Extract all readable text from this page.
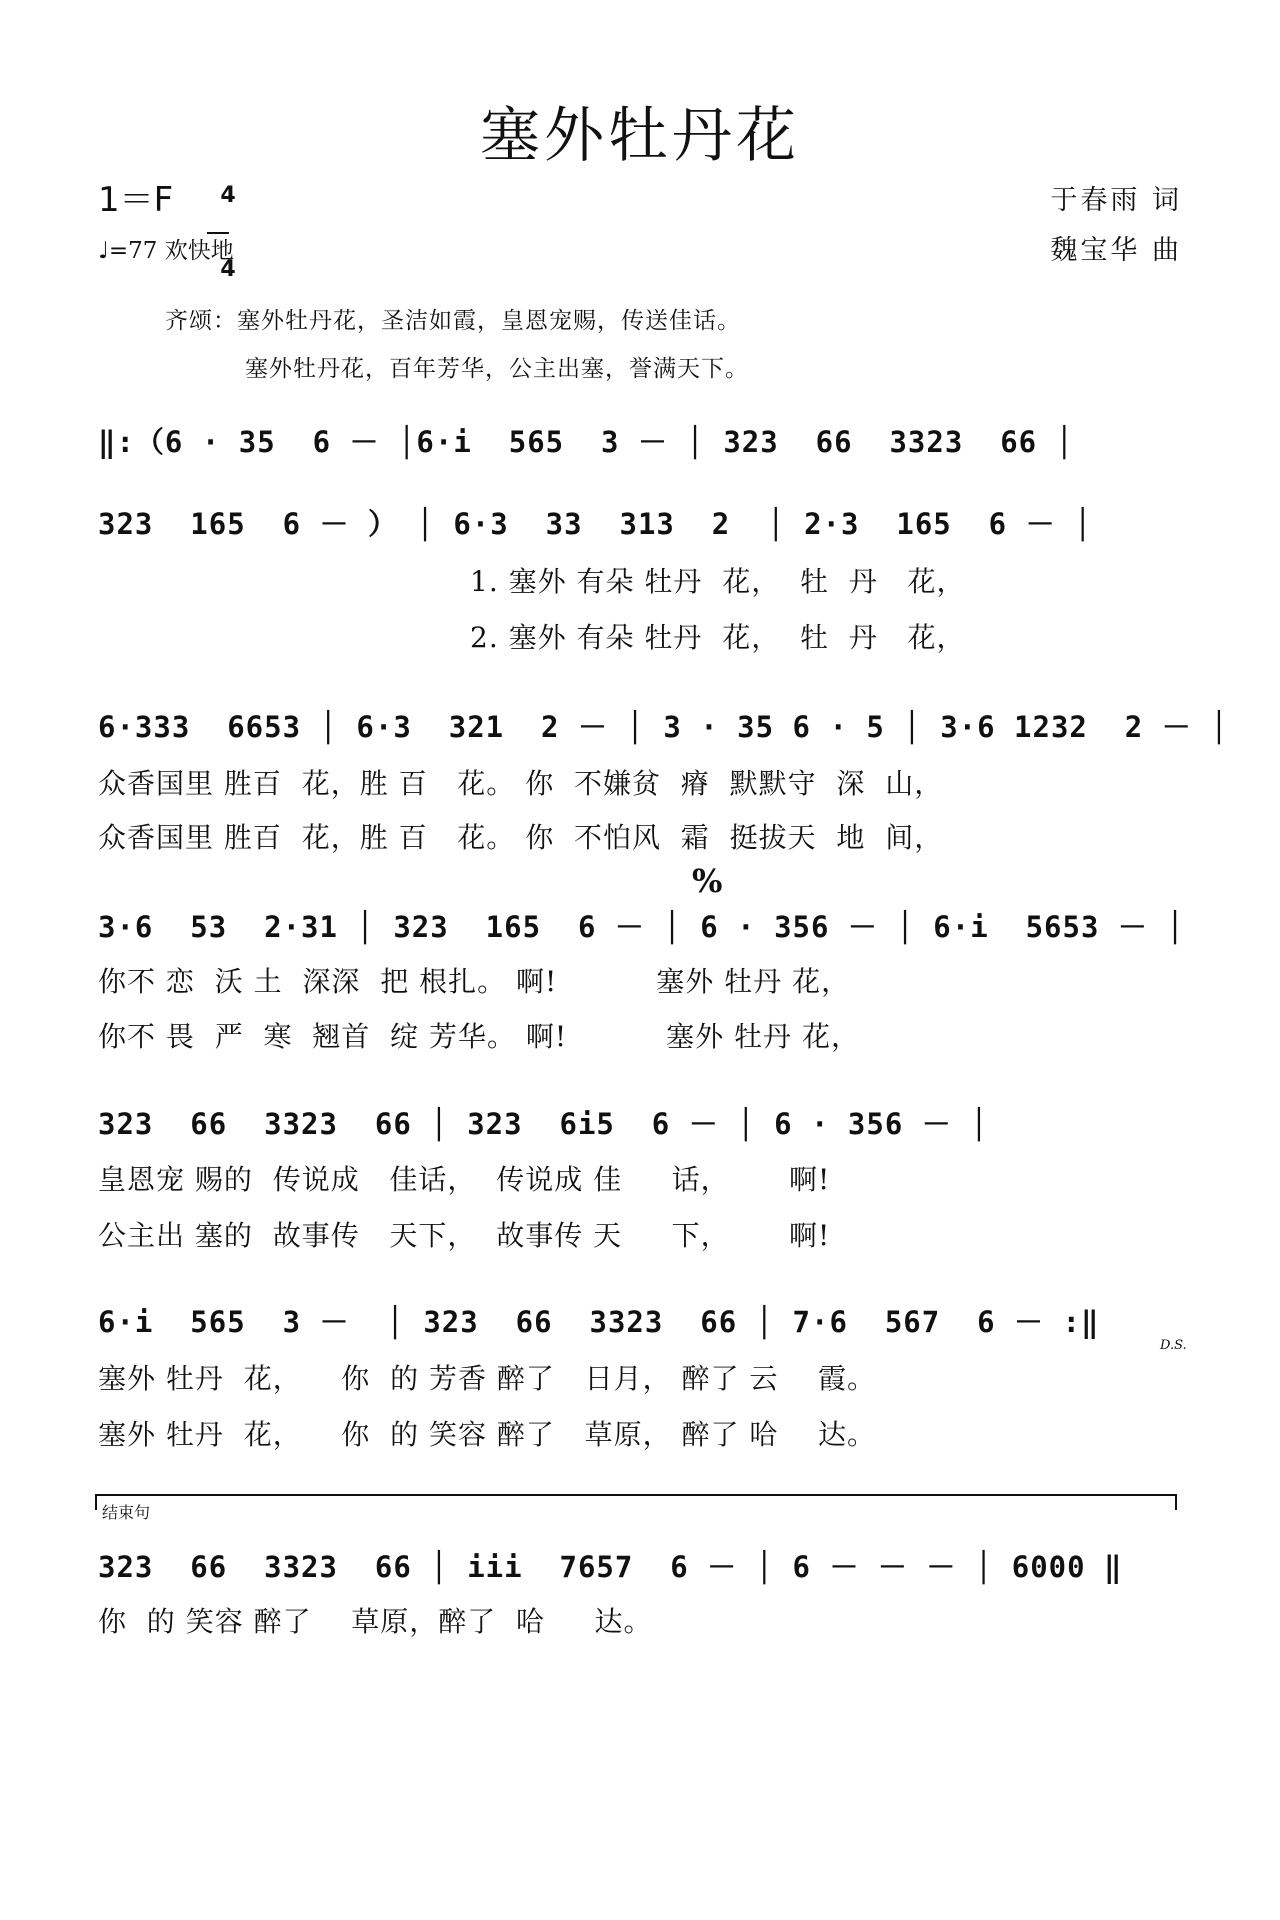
塞外牡丹花
1＝F	4

4

♩=77 欢快地
于春雨 词
魏宝华 曲
齐颂：塞外牡丹花，圣洁如霞，皇恩宠赐，传送佳话。
塞外牡丹花，百年芳华，公主出塞，誉满天下。
‖:（6 · 35  6 － │6·i  565  3 － │ 323  66  3323  66 │
323  165  6 － ） │ 6·3  33  313  2  │ 2·3  165  6 － │
1. 塞外 有朵 牡丹  花，  牡  丹   花，
2. 塞外 有朵 牡丹  花，  牡  丹   花，
6·333  6653 │ 6·3  321  2 － │ 3 · 35 6 · 5 │ 3·6 1232  2 － │
众香国里 胜百  花，胜 百   花。 你  不嫌贫  瘠  默默守  深  山，
众香国里 胜百  花，胜 百   花。 你  不怕风  霜  挺拔天  地  间，
%
3·6  53  2·31 │ 323  165  6 － │ 6 · 356 － │ 6·i  5653 － │
你不 恋  沃 土  深深  把 根扎。 啊!          塞外 牡丹 花，
你不 畏  严  寒  翘首  绽 芳华。 啊!          塞外 牡丹 花，
323  66  3323  66 │ 323  6i5  6 － │ 6 · 356 － │
皇恩宠 赐的  传说成   佳话，  传说成 佳     话，      啊!
公主出 塞的  故事传   天下，  故事传 天     下，      啊!
6·i  565  3 －  │ 323  66  3323  66 │ 7·6  567  6 － :‖
D.S.
塞外 牡丹  花，    你  的 芳香 醉了   日月， 醉了 云    霞。
塞外 牡丹  花，    你  的 笑容 醉了   草原， 醉了 哈    达。
结束句
323  66  3323  66 │ iii  7657  6 － │ 6 － － － │ 6000 ‖
你  的 笑容 醉了    草原，醉了  哈     达。
